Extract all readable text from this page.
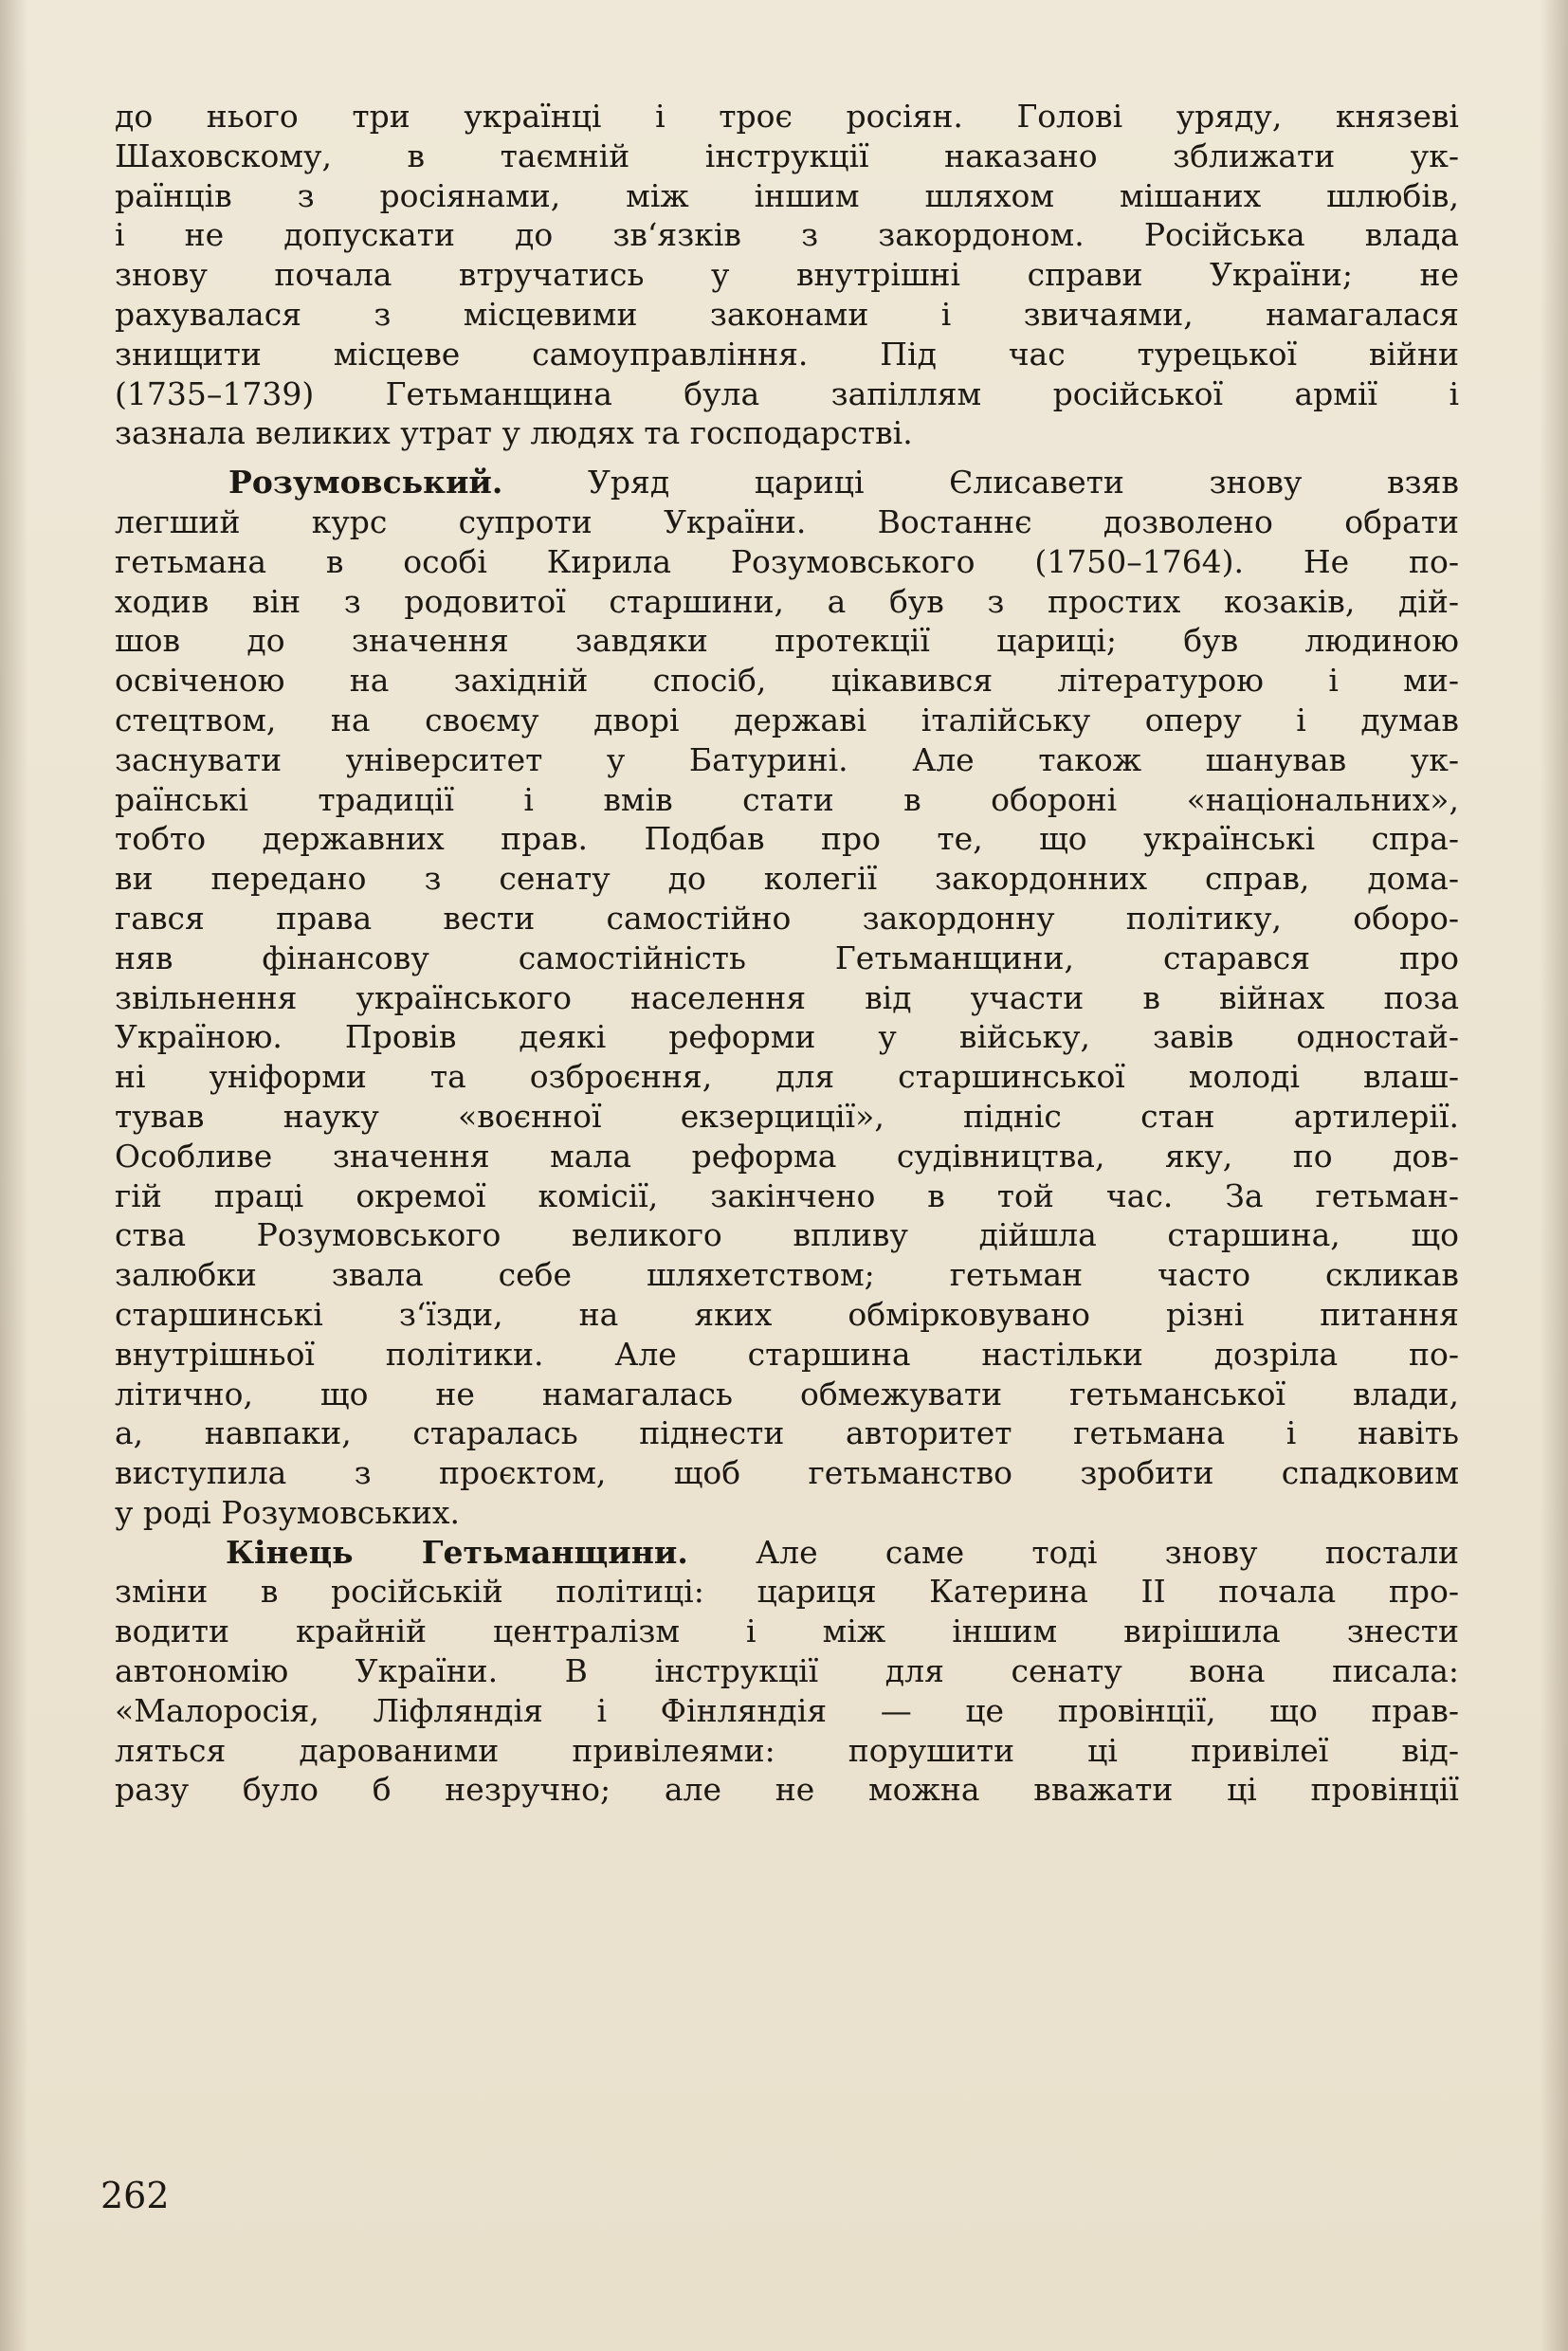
до нього три українці і троє росіян. Голові уряду, князеві
Шаховскому, в таємній інструкції наказано зближати ук-
раїнців з росіянами, між іншим шляхом мішаних шлюбів,
і не допускати до зв‘язків з закордоном. Російська влада
знову почала втручатись у внутрішні справи України; не
рахувалася з місцевими законами і звичаями, намагалася
знищити місцеве самоуправління. Під час турецької війни
(1735–1739) Гетьманщина була запіллям російської армії і
зазнала великих утрат у людях та господарстві.
Розумовський.	Уряд цариці Єлисавети знову взяв
легший курс супроти України. Востаннє дозволено обрати
гетьмана в особі Кирила Розумовського (1750–1764). Не по-
ходив він з родовитої старшини, а був з простих козаків, дій-
шов до значення завдяки протекції цариці; був людиною
освіченою на західній спосіб, цікавився літературою і ми-
стецтвом, на своєму дворі державі італійську оперу і думав
заснувати університет у Батурині. Але також шанував ук-
раїнські традиції і вмів стати в обороні «національних»,
тобто державних прав. Подбав про те, що українські спра-
ви передано з сенату до колегії закордонних справ, дома-
гався права вести самостійно закордонну політику, оборо-
няв фінансову самостійність Гетьманщини, старався про
звільнення українського населення від участи в війнах поза
Україною. Провів деякі реформи у війську, завів одностай-
ні уніформи та озброєння, для старшинської молоді влаш-
тував науку «воєнної екзерциції», підніс стан артилерії.
Особливе значення мала реформа судівництва, яку, по дов-
гій праці окремої комісії, закінчено в той час. За гетьман-
ства Розумовського великого впливу дійшла старшина, що
залюбки звала себе шляхетством; гетьман часто скликав
старшинські з‘їзди, на яких обмірковувано різні питання
внутрішньої політики. Але старшина настільки дозріла по-
літично, що не намагалась обмежувати гетьманської влади,
а, навпаки, старалась піднести авторитет гетьмана і навіть
виступила з проєктом, щоб гетьманство зробити спадковим
у роді Розумовських.
Кінець Гетьманщини. Але саме тоді знову постали
зміни в російській політиці: цариця Катерина II почала про-
водити крайній централізм і між іншим вирішила знести
автономію України. В інструкції для сенату вона писала:
«Малоросія, Ліфляндія і Фінляндія — це провінції, що прав-
ляться дарованими привілеями: порушити ці привілеї від-
разу було б незручно; але не можна вважати ці провінції
262
